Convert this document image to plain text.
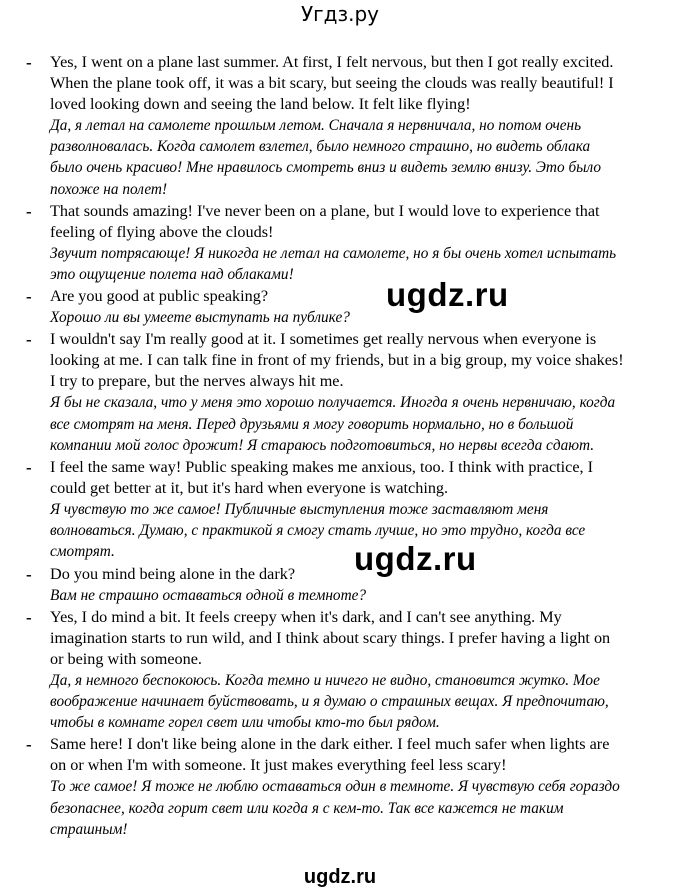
Угдз.ру
- Yes, I went on a plane last summer. At first, I felt nervous, but then I got really excited. When the plane took off, it was a bit scary, but seeing the clouds was really beautiful! I loved looking down and seeing the land below. It felt like flying!
Да, я летал на самолете прошлым летом. Сначала я нервничала, но потом очень разволновалась. Когда самолет взлетел, было немного страшно, но видеть облака было очень красиво! Мне нравилось смотреть вниз и видеть землю внизу. Это было похоже на полет!
- That sounds amazing! I've never been on a plane, but I would love to experience that feeling of flying above the clouds!
Звучит потрясающе! Я никогда не летал на самолете, но я бы очень хотел испытать это ощущение полета над облаками!
- Are you good at public speaking?
Хорошо ли вы умеете выступать на публике?
- I wouldn't say I'm really good at it. I sometimes get really nervous when everyone is looking at me. I can talk fine in front of my friends, but in a big group, my voice shakes! I try to prepare, but the nerves always hit me.
Я бы не сказала, что у меня это хорошо получается. Иногда я очень нервничаю, когда все смотрят на меня. Перед друзьями я могу говорить нормально, но в большой компании мой голос дрожит! Я стараюсь подготовиться, но нервы всегда сдают.
- I feel the same way! Public speaking makes me anxious, too. I think with practice, I could get better at it, but it's hard when everyone is watching.
Я чувствую то же самое! Публичные выступления тоже заставляют меня волноваться. Думаю, с практикой я смогу стать лучше, но это трудно, когда все смотрят.
- Do you mind being alone in the dark?
Вам не страшно оставаться одной в темноте?
- Yes, I do mind a bit. It feels creepy when it's dark, and I can't see anything. My imagination starts to run wild, and I think about scary things. I prefer having a light on or being with someone.
Да, я немного беспокоюсь. Когда темно и ничего не видно, становится жутко. Мое воображение начинает буйствовать, и я думаю о страшных вещах. Я предпочитаю, чтобы в комнате горел свет или чтобы кто-то был рядом.
- Same here! I don't like being alone in the dark either. I feel much safer when lights are on or when I'm with someone. It just makes everything feel less scary!
То же самое! Я тоже не люблю оставаться один в темноте. Я чувствую себя гораздо безопаснее, когда горит свет или когда я с кем-то. Так все кажется не таким страшным!
ugdz.ru
ugdz.ru
ugdz.ru
